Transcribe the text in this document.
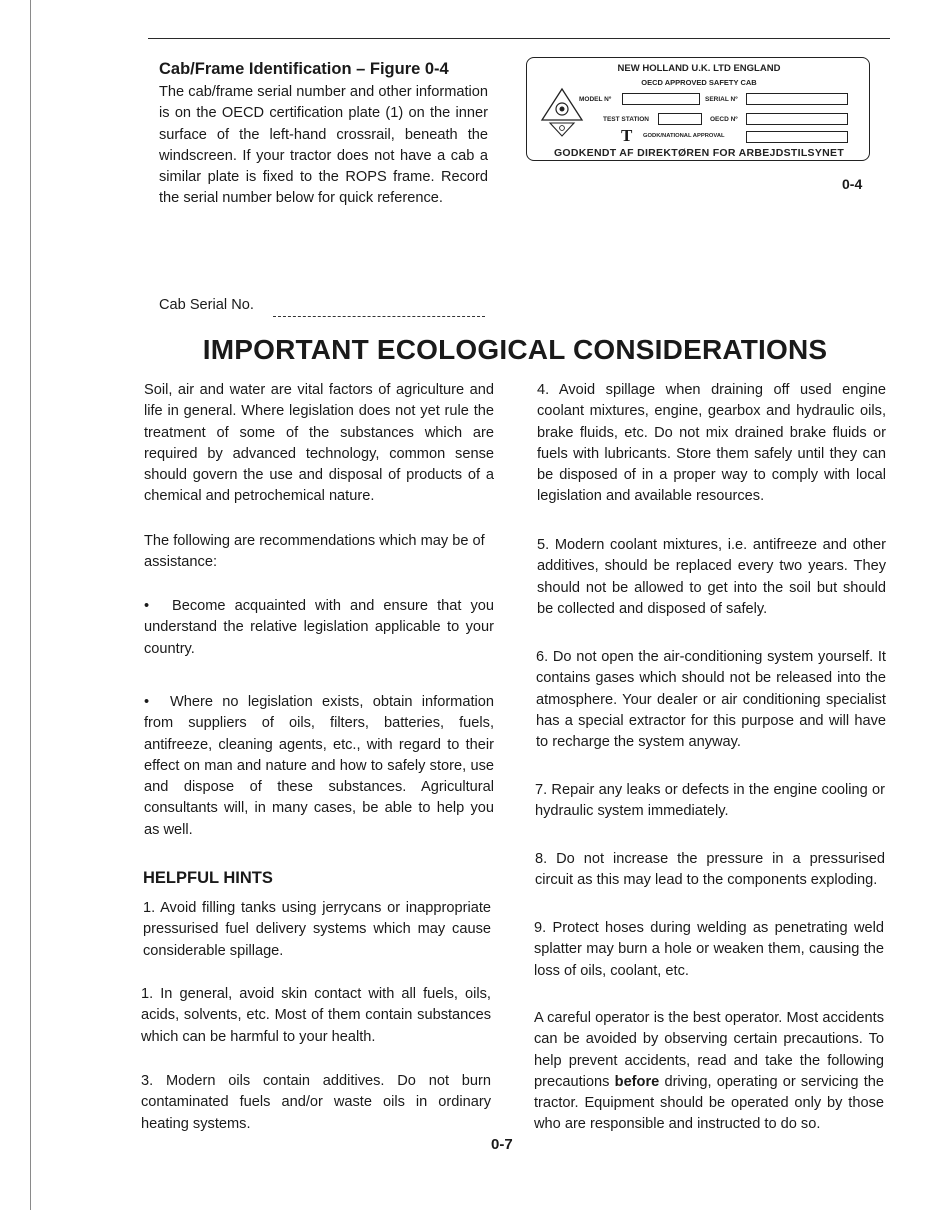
Cab/Frame Identification – Figure 0-4

The cab/frame serial number and other information is on the OECD certification plate (1) on the inner surface of the left-hand crossrail, beneath the windscreen. If your tractor does not have a cab a similar plate is fixed to the ROPS frame. Record the serial number below for quick reference.

Cab Serial No.
NEW HOLLAND U.K. LTD ENGLAND
OECD APPROVED SAFETY CAB
MODEL Nº	SERIAL Nº
TEST STATION	OECD Nº
T GODK/NATIONAL APPROVAL
GODKENDT AF DIREKTØREN FOR ARBEJDSTILSYNET
0-4
IMPORTANT ECOLOGICAL CONSIDERATIONS

Soil, air and water are vital factors of agriculture and life in general. Where legislation does not yet rule the treatment of some of the substances which are required by advanced technology, common sense should govern the use and disposal of products of a chemical and petrochemical nature.

The following are recommendations which may be of assistance:

•	Become acquainted with and ensure that you understand the relative legislation applicable to your country.

•	Where no legislation exists, obtain information from suppliers of oils, filters, batteries, fuels, antifreeze, cleaning agents, etc., with regard to their effect on man and nature and how to safely store, use and dispose of these substances. Agricultural consultants will, in many cases, be able to help you as well.

HELPFUL HINTS

1. Avoid filling tanks using jerrycans or inappropriate pressurised fuel delivery systems which may cause considerable spillage.

1. In general, avoid skin contact with all fuels, oils, acids, solvents, etc. Most of them contain substances which can be harmful to your health.

3. Modern oils contain additives. Do not burn contaminated fuels and/or waste oils in ordinary heating systems.

4. Avoid spillage when draining off used engine coolant mixtures, engine, gearbox and hydraulic oils, brake fluids, etc. Do not mix drained brake fluids or fuels with lubricants. Store them safely until they can be disposed of in a proper way to comply with local legislation and available resources.

5. Modern coolant mixtures, i.e. antifreeze and other additives, should be replaced every two years. They should not be allowed to get into the soil but should be collected and disposed of safely.

6. Do not open the air-conditioning system yourself. It contains gases which should not be released into the atmosphere. Your dealer or air conditioning specialist has a special extractor for this purpose and will have to recharge the system anyway.

7. Repair any leaks or defects in the engine cooling or hydraulic system immediately.

8. Do not increase the pressure in a pressurised circuit as this may lead to the components exploding.

9. Protect hoses during welding as penetrating weld splatter may burn a hole or weaken them, causing the loss of oils, coolant, etc.

A careful operator is the best operator. Most accidents can be avoided by observing certain precautions. To help prevent accidents, read and take the following precautions before driving, operating or servicing the tractor. Equipment should be operated only by those who are responsible and instructed to do so.

0-7
